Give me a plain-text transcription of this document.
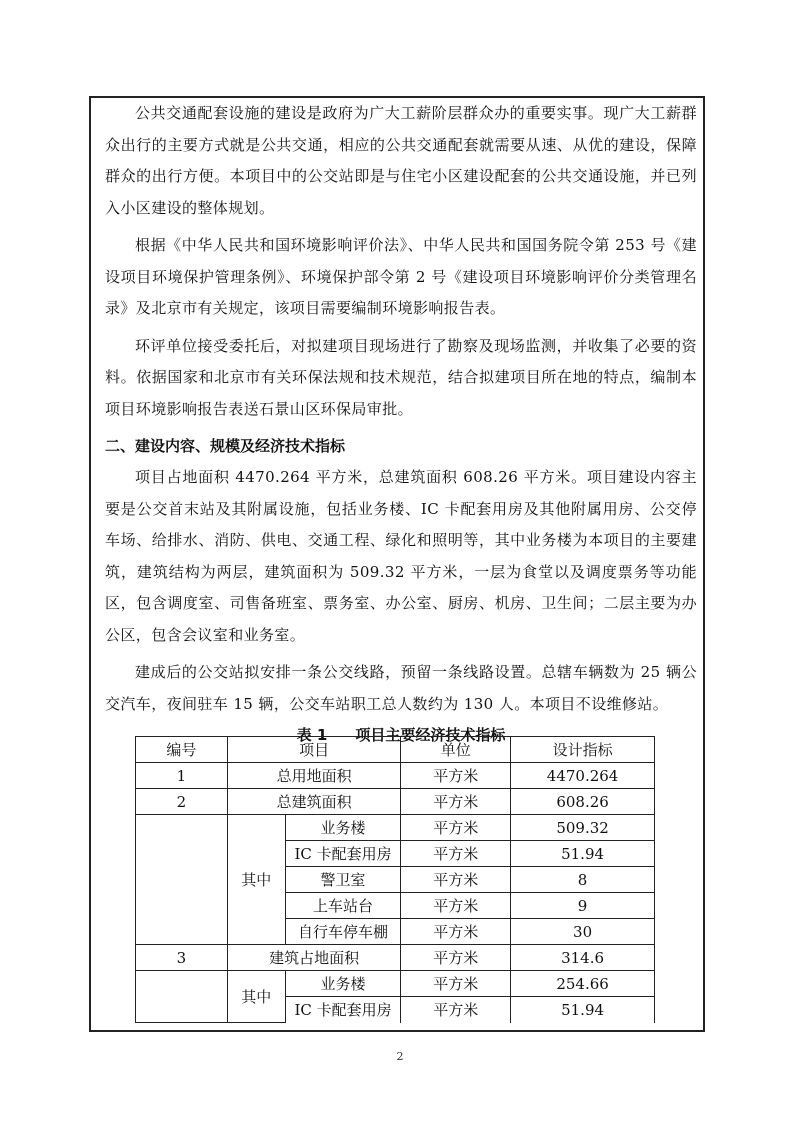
公共交通配套设施的建设是政府为广大工薪阶层群众办的重要实事。现广大工薪群众出行的主要方式就是公共交通，相应的公共交通配套就需要从速、从优的建设，保障群众的出行方便。本项目中的公交站即是与住宅小区建设配套的公共交通设施，并已列入小区建设的整体规划。

根据《中华人民共和国环境影响评价法》、中华人民共和国国务院令第 253 号《建设项目环境保护管理条例》、环境保护部令第 2 号《建设项目环境影响评价分类管理名录》及北京市有关规定，该项目需要编制环境影响报告表。

环评单位接受委托后，对拟建项目现场进行了勘察及现场监测，并收集了必要的资料。依据国家和北京市有关环保法规和技术规范，结合拟建项目所在地的特点，编制本项目环境影响报告表送石景山区环保局审批。

二、建设内容、规模及经济技术指标

项目占地面积 4470.264 平方米，总建筑面积 608.26 平方米。项目建设内容主要是公交首末站及其附属设施，包括业务楼、IC 卡配套用房及其他附属用房、公交停车场、给排水、消防、供电、交通工程、绿化和照明等，其中业务楼为本项目的主要建筑，建筑结构为两层，建筑面积为 509.32 平方米，一层为食堂以及调度票务等功能区，包含调度室、司售备班室、票务室、办公室、厨房、机房、卫生间；二层主要为办公区，包含会议室和业务室。

建成后的公交站拟安排一条公交线路，预留一条线路设置。总辖车辆数为 25 辆公交汽车，夜间驻车 15 辆，公交车站职工总人数约为 130 人。本项目不设维修站。

表 1 项目主要经济技术指标

编号	项目		单位	设计指标
1	总用地面积		平方米	4470.264
2	总建筑面积		平方米	608.26
	其中	业务楼	平方米	509.32
		IC 卡配套用房	平方米	51.94
		警卫室	平方米	8
		上车站台	平方米	9
		自行车停车棚	平方米	30
3	建筑占地面积		平方米	314.6
	其中	业务楼	平方米	254.66
		IC 卡配套用房	平方米	51.94
2
